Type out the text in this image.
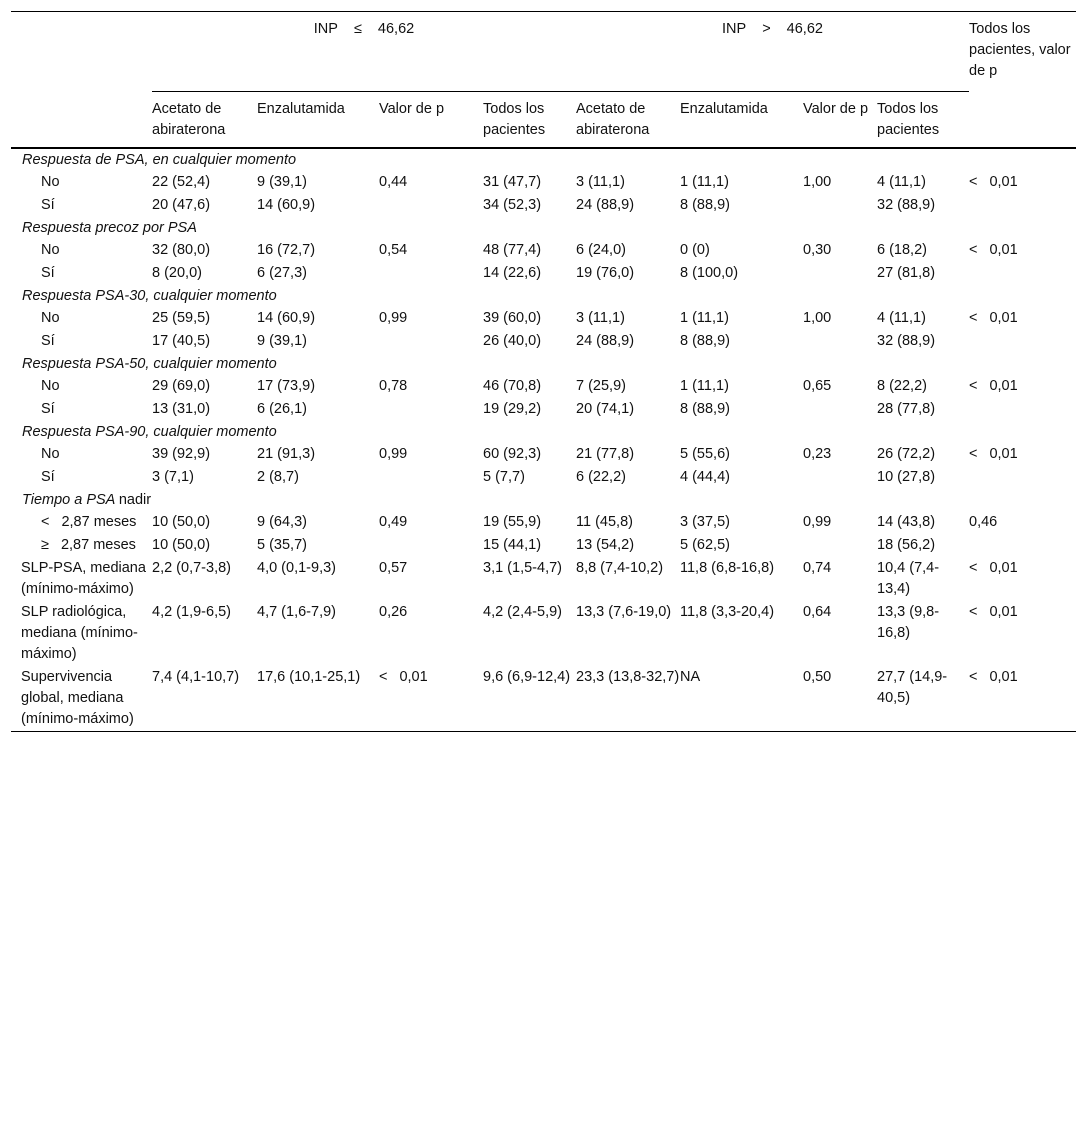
	INP ≤ 46,62				INP > 46,62				Todos los pacientes, valor de p
	Acetato de abiraterona	Enzalutamida	Valor de p	Todos los pacientes	Acetato de abiraterona	Enzalutamida	Valor de p	Todos los pacientes	
Respuesta de PSA, en cualquier momento									
No	22 (52,4)	9 (39,1)	0,44	31 (47,7)	3 (11,1)	1 (11,1)	1,00	4 (11,1)	< 0,01
Sí	20 (47,6)	14 (60,9)		34 (52,3)	24 (88,9)	8 (88,9)		32 (88,9)	
Respuesta precoz por PSA									
No	32 (80,0)	16 (72,7)	0,54	48 (77,4)	6 (24,0)	0 (0)	0,30	6 (18,2)	< 0,01
Sí	8 (20,0)	6 (27,3)		14 (22,6)	19 (76,0)	8 (100,0)		27 (81,8)	
Respuesta PSA-30, cualquier momento									
No	25 (59,5)	14 (60,9)	0,99	39 (60,0)	3 (11,1)	1 (11,1)	1,00	4 (11,1)	< 0,01
Sí	17 (40,5)	9 (39,1)		26 (40,0)	24 (88,9)	8 (88,9)		32 (88,9)	
Respuesta PSA-50, cualquier momento									
No	29 (69,0)	17 (73,9)	0,78	46 (70,8)	7 (25,9)	1 (11,1)	0,65	8 (22,2)	< 0,01
Sí	13 (31,0)	6 (26,1)		19 (29,2)	20 (74,1)	8 (88,9)		28 (77,8)	
Respuesta PSA-90, cualquier momento									
No	39 (92,9)	21 (91,3)	0,99	60 (92,3)	21 (77,8)	5 (55,6)	0,23	26 (72,2)	< 0,01
Sí	3 (7,1)	2 (8,7)		5 (7,7)	6 (22,2)	4 (44,4)		10 (27,8)	
Tiempo a PSA nadir									
< 2,87 meses	10 (50,0)	9 (64,3)	0,49	19 (55,9)	11 (45,8)	3 (37,5)	0,99	14 (43,8)	0,46
≥ 2,87 meses	10 (50,0)	5 (35,7)		15 (44,1)	13 (54,2)	5 (62,5)		18 (56,2)	
SLP-PSA, mediana (mínimo-máximo)	2,2 (0,7-3,8)	4,0 (0,1-9,3)	0,57	3,1 (1,5-4,7)	8,8 (7,4-10,2)	11,8 (6,8-16,8)	0,74	10,4 (7,4-13,4)	< 0,01
SLP radiológica, mediana (mínimo-máximo)	4,2 (1,9-6,5)	4,7 (1,6-7,9)	0,26	4,2 (2,4-5,9)	13,3 (7,6-19,0)	11,8 (3,3-20,4)	0,64	13,3 (9,8-16,8)	< 0,01
Supervivencia global, mediana (mínimo-máximo)	7,4 (4,1-10,7)	17,6 (10,1-25,1)	< 0,01	9,6 (6,9-12,4)	23,3 (13,8-32,7)	NA	0,50	27,7 (14,9-40,5)	< 0,01
